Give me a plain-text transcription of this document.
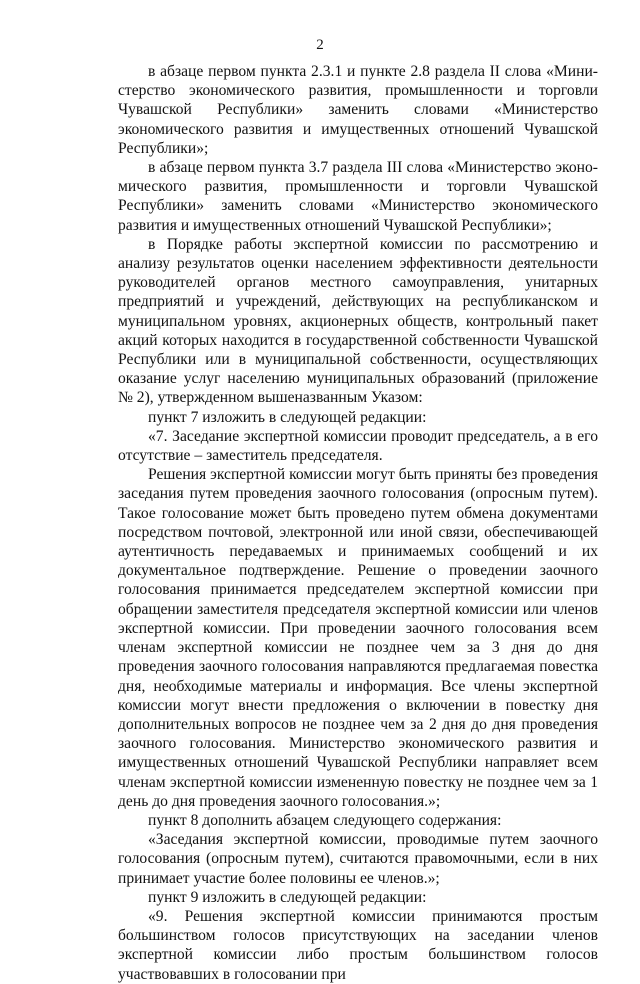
2

в абзаце первом пункта 2.3.1 и пункте 2.8 раздела II слова «Министерство экономического развития, промышленности и торговли Чувашской Республики» заменить словами «Министерство экономического развития и имущественных отношений Чувашской Республики»;

в абзаце первом пункта 3.7 раздела III слова «Министерство экономического развития, промышленности и торговли Чувашской Республики» заменить словами «Министерство экономического развития и имущественных отношений Чувашской Республики»;

в Порядке работы экспертной комиссии по рассмотрению и анализу результатов оценки населением эффективности деятельности руководителей органов местного самоуправления, унитарных предприятий и учреждений, действующих на республиканском и муниципальном уровнях, акционерных обществ, контрольный пакет акций которых находится в государственной собственности Чувашской Республики или в муниципальной собственности, осуществляющих оказание услуг населению муниципальных образований (приложение № 2), утвержденном вышеназванным Указом:

пункт 7 изложить в следующей редакции:

«7. Заседание экспертной комиссии проводит председатель, а в его отсутствие – заместитель председателя.

Решения экспертной комиссии могут быть приняты без проведения заседания путем проведения заочного голосования (опросным путем). Такое голосование может быть проведено путем обмена документами посредством почтовой, электронной или иной связи, обеспечивающей аутентичность передаваемых и принимаемых сообщений и их документальное подтверждение. Решение о проведении заочного голосования принимается председателем экспертной комиссии при обращении заместителя председателя экспертной комиссии или членов экспертной комиссии. При проведении заочного голосования всем членам экспертной комиссии не позднее чем за 3 дня до дня проведения заочного голосования направляются предлагаемая повестка дня, необходимые материалы и информация. Все члены экспертной комиссии могут внести предложения о включении в повестку дня дополнительных вопросов не позднее чем за 2 дня до дня проведения заочного голосования. Министерство экономического развития и имущественных отношений Чувашской Республики направляет всем членам экспертной комиссии измененную повестку не позднее чем за 1 день до дня проведения заочного голосования.»;

пункт 8 дополнить абзацем следующего содержания:

«Заседания экспертной комиссии, проводимые путем заочного голосования (опросным путем), считаются правомочными, если в них принимает участие более половины ее членов.»;

пункт 9 изложить в следующей редакции:

«9. Решения экспертной комиссии принимаются простым большинством голосов присутствующих на заседании членов экспертной комиссии либо простым большинством голосов участвовавших в голосовании при
